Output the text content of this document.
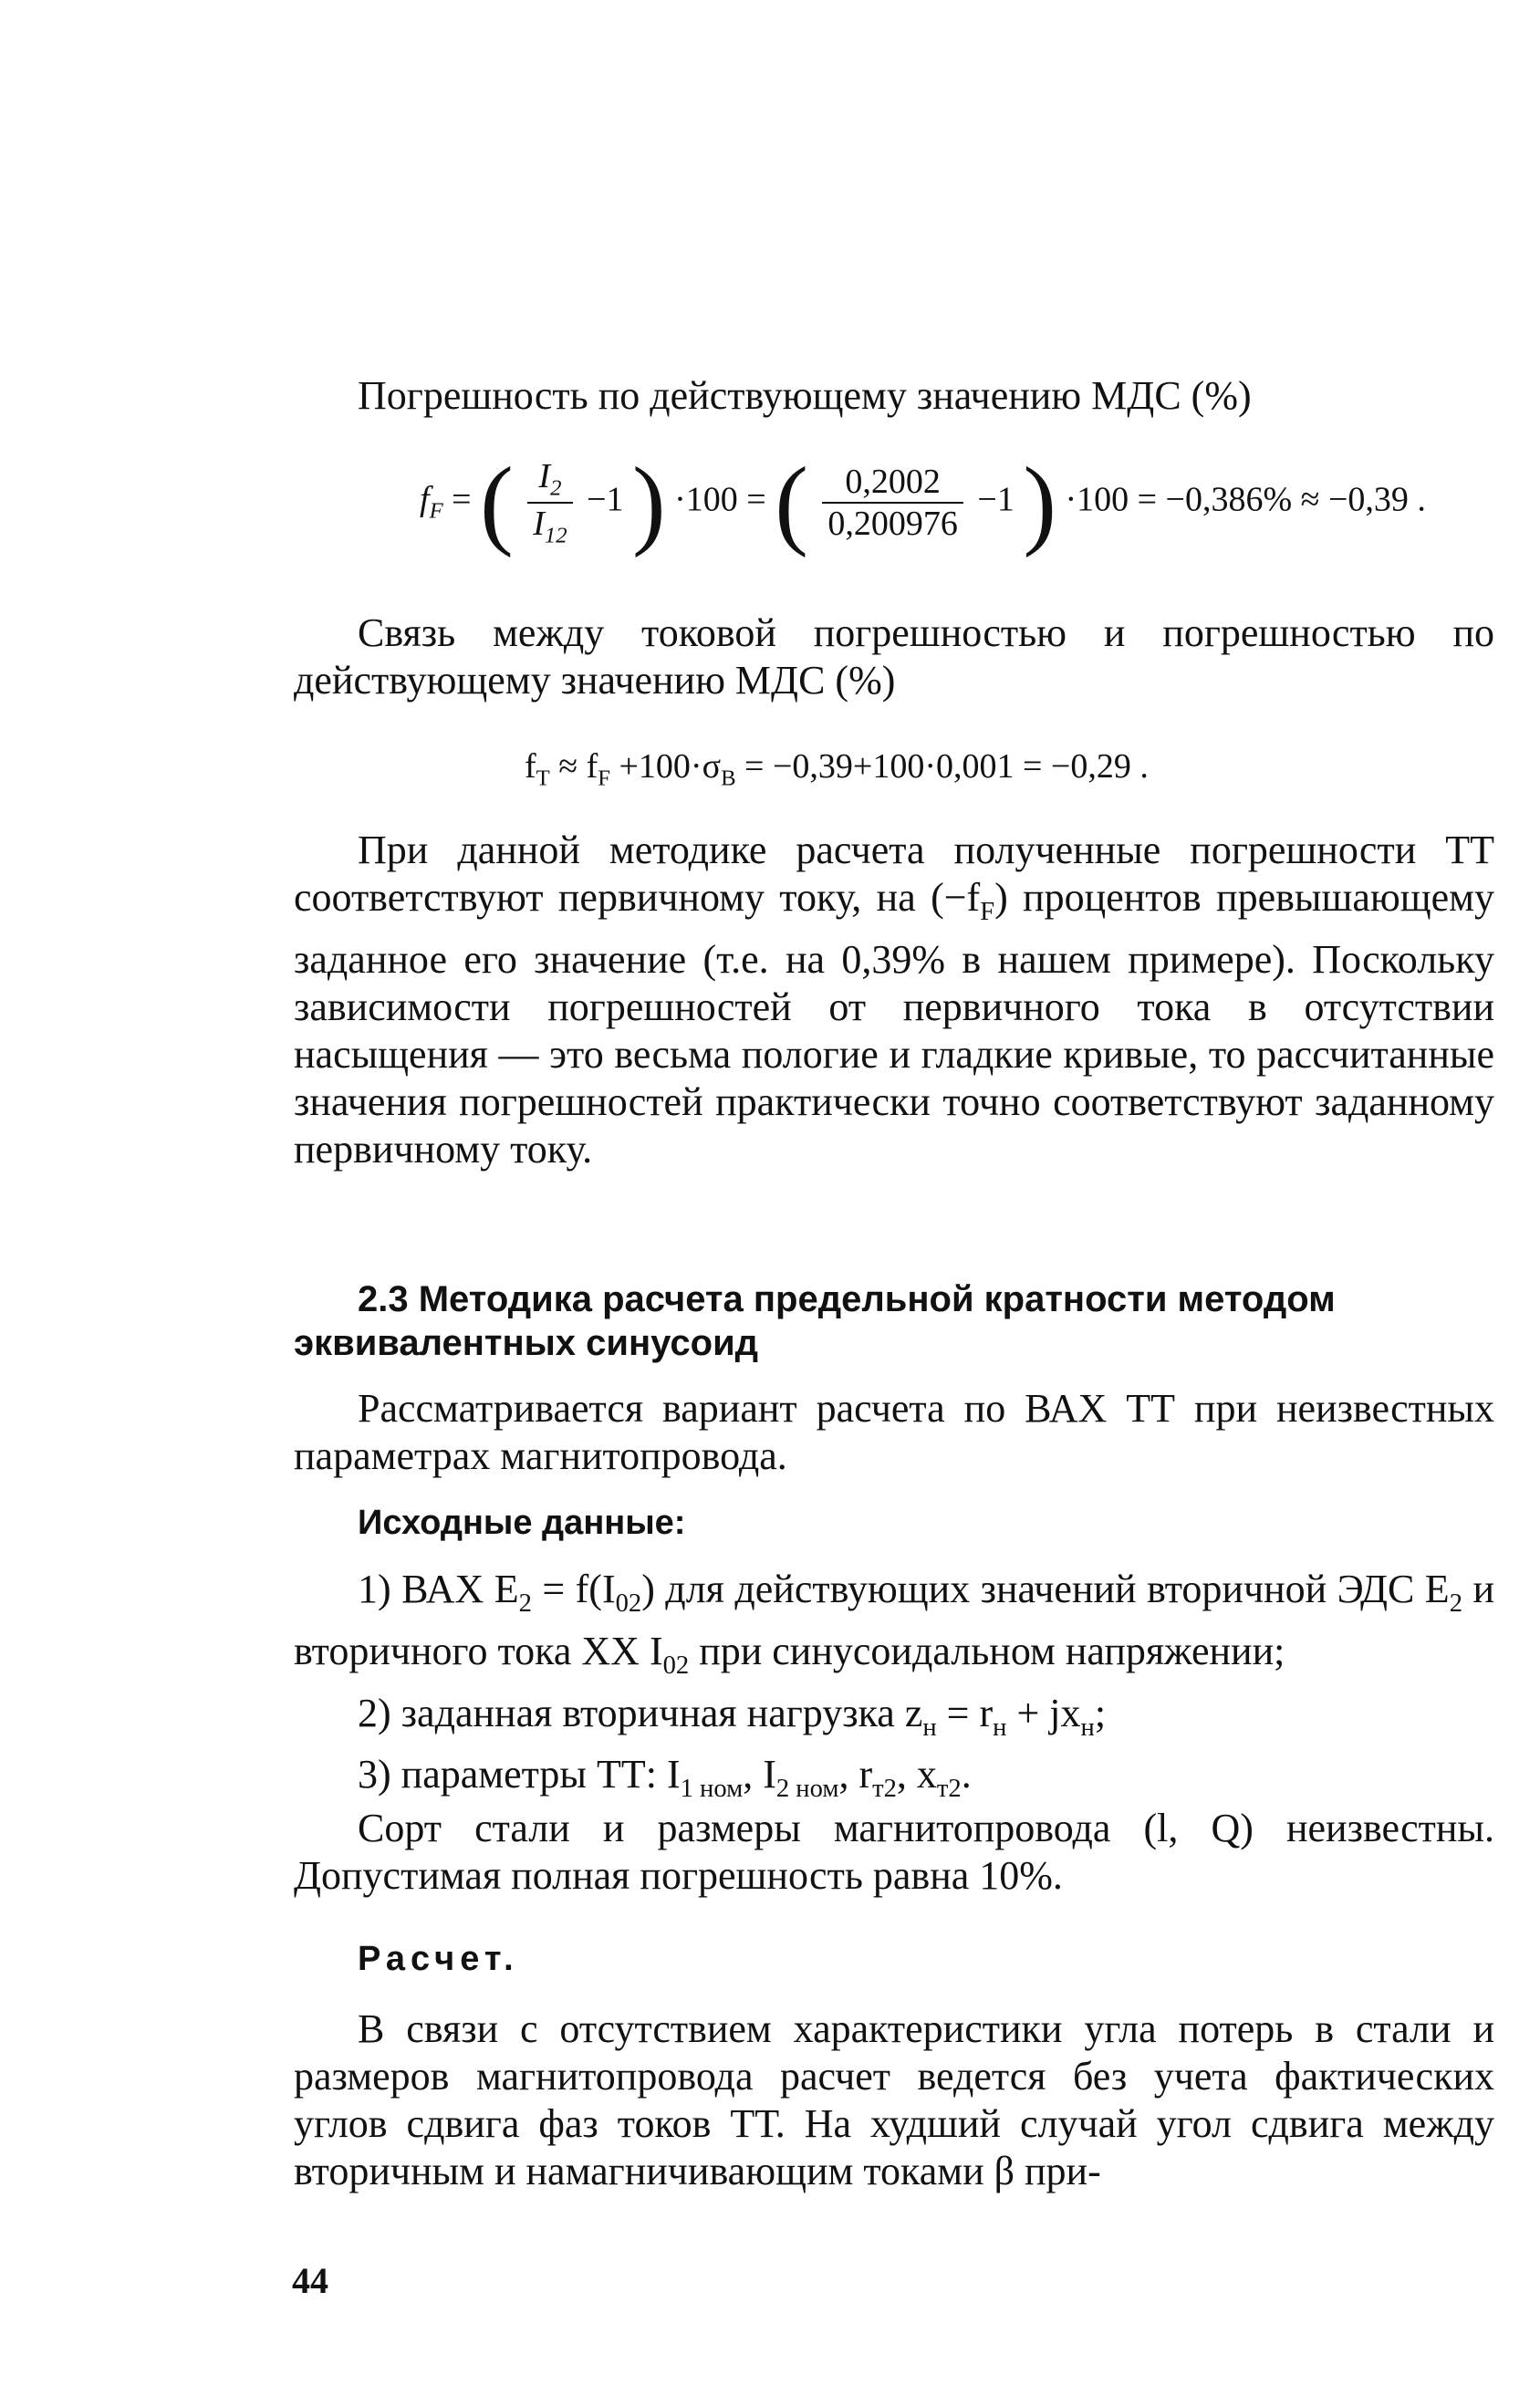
Погрешность по действующему значению МДС (%)

$f_F$ = ( $\frac{I_2}{I_{12}} -1$ ) ·100 = ( $\frac{0,2002}{0,200976} -1$ ) ·100 = −0,386% ≈ −0,39 .

Связь между токовой погрешностью и погрешностью по действующему значению МДС (%)

$f_T \approx f_F +100\cdot\sigma_B = -0,39+100\cdot 0,001 = -0,29$ .

При данной методике расчета полученные погрешности ТТ соответствуют первичному току, на $(-f_F)$ процентов превышающему заданное его значение (т.е. на 0,39% в нашем примере). Поскольку зависимости погрешностей от первичного тока в отсутствии насыщения — это весьма пологие и гладкие кривые, то рассчитанные значения погрешностей практически точно соответствуют заданному первичному току.

2.3 Методика расчета предельной кратности методом эквивалентных синусоид

Рассматривается вариант расчета по ВАХ ТТ при неизвестных параметрах магнитопровода.

Исходные данные:

1) ВАХ $E_2 = f(I_{02})$ для действующих значений вторичной ЭДС $E_2$ и вторичного тока ХХ $I_{02}$ при синусоидальном напряжении;

2) заданная вторичная нагрузка $z_н = r_н + jx_н$;

3) параметры ТТ: $I_{1 ном}$, $I_{2 ном}$, $r_{т2}$, $x_{т2}$.

Сорт стали и размеры магнитопровода (l, Q) неизвестны. Допустимая полная погрешность равна 10%.

Расчет.

В связи с отсутствием характеристики угла потерь в стали и размеров магнитопровода расчет ведется без учета фактических углов сдвига фаз токов ТТ. На худший случай угол сдвига между вторичным и намагничивающим токами β при-

44
